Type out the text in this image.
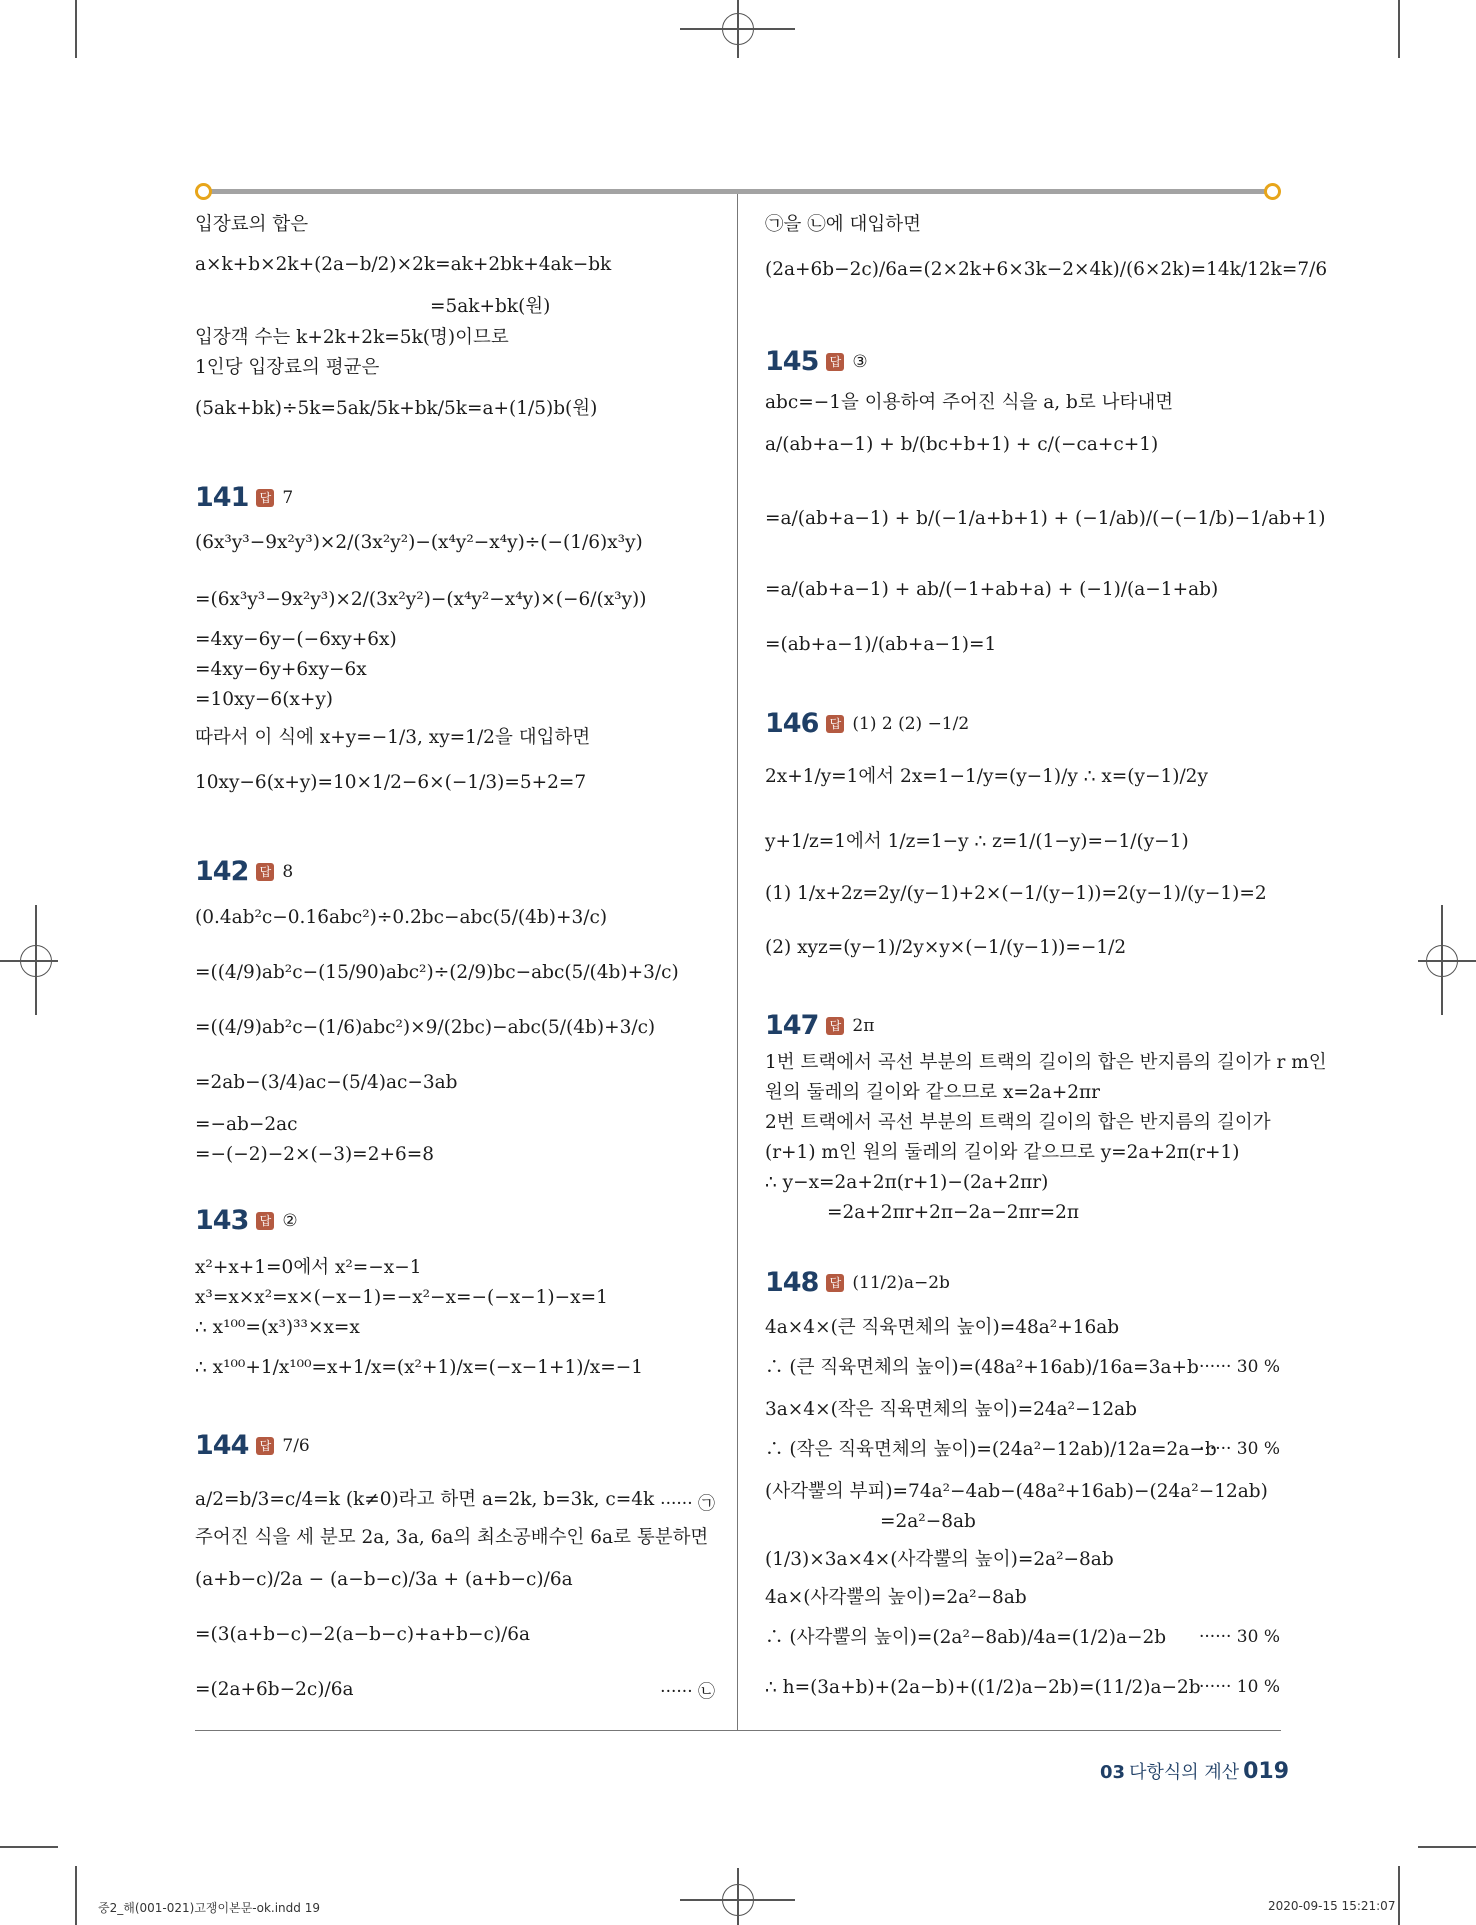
입장료의 합은
a×k+b×2k+(2a−b/2)×2k=ak+2bk+4ak−bk
=5ak+bk(원)
입장객 수는 k+2k+2k=5k(명)이므로
1인당 입장료의 평균은
(5ak+bk)÷5k=5ak/5k+bk/5k=a+(1/5)b(원)
141 답 7
(6x³y³−9x²y³)×2/(3x²y²)−(x⁴y²−x⁴y)÷(−(1/6)x³y)
=(6x³y³−9x²y³)×2/(3x²y²)−(x⁴y²−x⁴y)×(−6/(x³y))
=4xy−6y−(−6xy+6x)
=4xy−6y+6xy−6x
=10xy−6(x+y)
따라서 이 식에 x+y=−1/3, xy=1/2을 대입하면
10xy−6(x+y)=10×1/2−6×(−1/3)=5+2=7
142 답 8
(0.4̇ab²c−0.16̇abc²)÷0.2̇bc−abc(5/(4b)+3/c)
=((4/9)ab²c−(15/90)abc²)÷(2/9)bc−abc(5/(4b)+3/c)
=((4/9)ab²c−(1/6)abc²)×9/(2bc)−abc(5/(4b)+3/c)
=2ab−(3/4)ac−(5/4)ac−3ab
=−ab−2ac
=−(−2)−2×(−3)=2+6=8
143 답 ②
x²+x+1=0에서 x²=−x−1
x³=x×x²=x×(−x−1)=−x²−x=−(−x−1)−x=1
∴ x¹⁰⁰=(x³)³³×x=x
∴ x¹⁰⁰+1/x¹⁰⁰=x+1/x=(x²+1)/x=(−x−1+1)/x=−1
144 답 7/6
a/2=b/3=c/4=k (k≠0)라고 하면 a=2k, b=3k, c=4k ······ ㉠
주어진 식을 세 분모 2a, 3a, 6a의 최소공배수인 6a로 통분하면
(a+b−c)/2a − (a−b−c)/3a + (a+b−c)/6a
=(3(a+b−c)−2(a−b−c)+a+b−c)/6a
=(2a+6b−2c)/6a	······ ㉡
㉠을 ㉡에 대입하면
(2a+6b−2c)/6a=(2×2k+6×3k−2×4k)/(6×2k)=14k/12k=7/6
145 답 ③
abc=−1을 이용하여 주어진 식을 a, b로 나타내면
a/(ab+a−1) + b/(bc+b+1) + c/(−ca+c+1)
=a/(ab+a−1) + b/(−1/a+b+1) + (−1/ab)/(−(−1/b)−1/ab+1)
=a/(ab+a−1) + ab/(−1+ab+a) + (−1)/(a−1+ab)
=(ab+a−1)/(ab+a−1)=1
146 답 (1) 2 (2) −1/2
2x+1/y=1에서 2x=1−1/y=(y−1)/y ∴ x=(y−1)/2y
y+1/z=1에서 1/z=1−y ∴ z=1/(1−y)=−1/(y−1)
(1) 1/x+2z=2y/(y−1)+2×(−1/(y−1))=2(y−1)/(y−1)=2
(2) xyz=(y−1)/2y×y×(−1/(y−1))=−1/2
147 답 2π
1번 트랙에서 곡선 부분의 트랙의 길이의 합은 반지름의 길이가 r m인
원의 둘레의 길이와 같으므로 x=2a+2πr
2번 트랙에서 곡선 부분의 트랙의 길이의 합은 반지름의 길이가
(r+1) m인 원의 둘레의 길이와 같으므로 y=2a+2π(r+1)
∴ y−x=2a+2π(r+1)−(2a+2πr)
=2a+2πr+2π−2a−2πr=2π
148 답 (11/2)a−2b
4a×4×(큰 직육면체의 높이)=48a²+16ab
∴ (큰 직육면체의 높이)=(48a²+16ab)/16a=3a+b ······ 30 %
3a×4×(작은 직육면체의 높이)=24a²−12ab
∴ (작은 직육면체의 높이)=(24a²−12ab)/12a=2a−b
······ 30 %
(사각뿔의 부피)=74a²−4ab−(48a²+16ab)−(24a²−12ab)
=2a²−8ab
(1/3)×3a×4×(사각뿔의 높이)=2a²−8ab
4a×(사각뿔의 높이)=2a²−8ab
∴ (사각뿔의 높이)=(2a²−8ab)/4a=(1/2)a−2b ······ 30 %
∴ h=(3a+b)+(2a−b)+((1/2)a−2b)=(11/2)a−2b
······ 10 %
03 다항식의 계산 019
중2_해(001-021)고쟁이본문-ok.indd 19	2020-09-15 15:21:07
